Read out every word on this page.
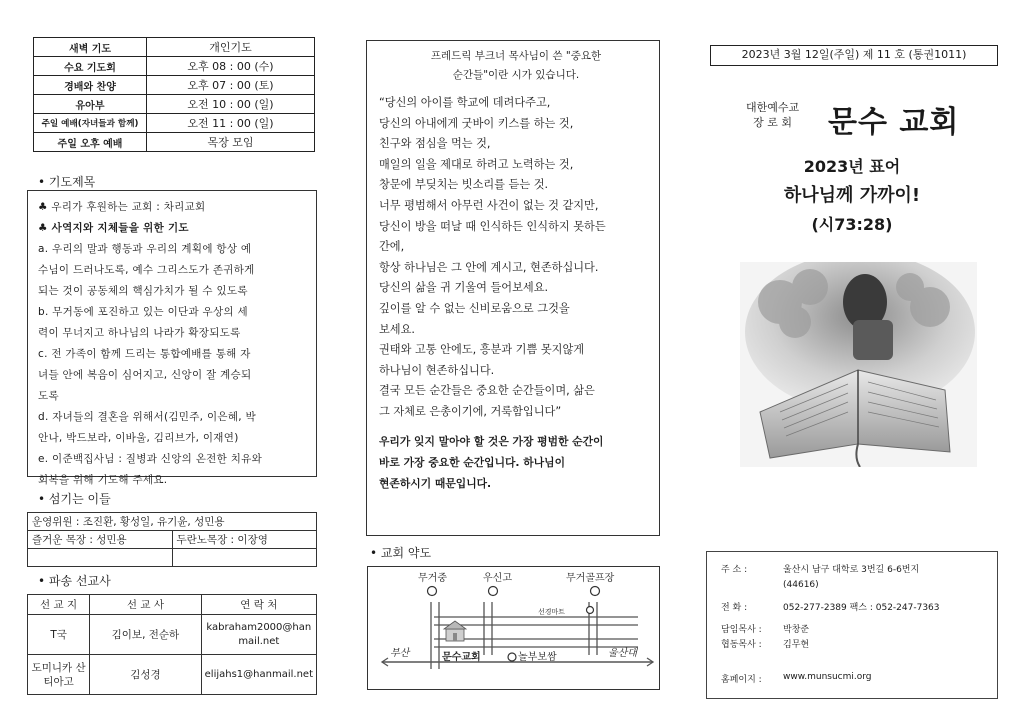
새벽 기도	개인기도
수요 기도회	오후 08 : 00 (수)
경배와 찬양	오후 07 : 00 (토)
유아부	오전 10 : 00 (일)
주일 예배(자녀들과 함께)	오전 11 : 00 (일)
주일 오후 예배	목장 모임
• 기도제목

♣ 우리가 후원하는 교회 : 차리교회

♣ 사역지와 지체들을 위한 기도

a. 우리의 말과 행동과 우리의 계획에 항상 예

수님이 드러나도록, 예수 그리스도가 존귀하게

되는 것이 공동체의 핵심가치가 될 수 있도록

b. 무거동에 포진하고 있는 이단과 우상의 세

력이 무너지고 하나님의 나라가 확장되도록

c. 전 가족이 함께 드리는 통합예배를 통해 자

녀들 안에 복음이 심어지고, 신앙이 잘 계승되

도록

d. 자녀들의 결혼을 위해서(김민주, 이은혜, 박

안나, 박드보라, 이바울, 김리브가, 이재연)

e. 이준백집사님 : 질병과 신앙의 온전한 치유와

회복을 위해 기도해 주세요.

• 섬기는 이들
운영위원 : 조진환, 황성일, 유기윤, 성민용	
즐거운 목장 : 성민용	두란노목장 : 이장영

• 파송 선교사
선 교 지	선 교 사	연 락 처
T국	김이보, 전순하	kabraham2000@hanmail.net
도미니카 산티아고	김성경	elijahs1@hanmail.net
프레드릭 부크너 목사님이 쓴 "중요한
순간들"이란 시가 있습니다.

“당신의 아이를 학교에 데려다주고,

당신의 아내에게 굿바이 키스를 하는 것,

친구와 점심을 먹는 것,

매일의 일을 제대로 하려고 노력하는 것,

창문에 부딪치는 빗소리를 듣는 것.

너무 평범해서 아무런 사건이 없는 것 같지만,

당신이 방을 떠날 때 인식하든 인식하지 못하든

간에,

항상 하나님은 그 안에 계시고, 현존하십니다.

당신의 삶을 귀 기울여 들어보세요.

깊이를 알 수 없는 신비로움으로 그것을

보세요.

권태와 고통 안에도, 흥분과 기쁨 못지않게

하나님이 현존하십니다.

결국 모든 순간들은 중요한 순간들이며, 삶은

그 자체로 은총이기에, 거룩함입니다”

우리가 잊지 말아야 할 것은 가장 평범한 순간이
바로 가장 중요한 순간입니다. 하나님이
현존하시기 때문입니다.
• 교회 약도
무거중	우신고	무거골프장
선경마트
문수교회	놀부보쌈
부산	울산대
2023년 3월 12일(주일) 제 11 호 (통권1011)
대한예수교
장 로 회 문수 교회
2023년 표어
하나님께 가까이!
(시73:28)
주 소 :	울산시 남구 대학로 3번길 6-6번지
(44616)
전 화 :	052-277-2389 팩스 : 052-247-7363
담임목사 : 박창준
협동목사 : 김무현
홈페이지 : www.munsucmi.org
